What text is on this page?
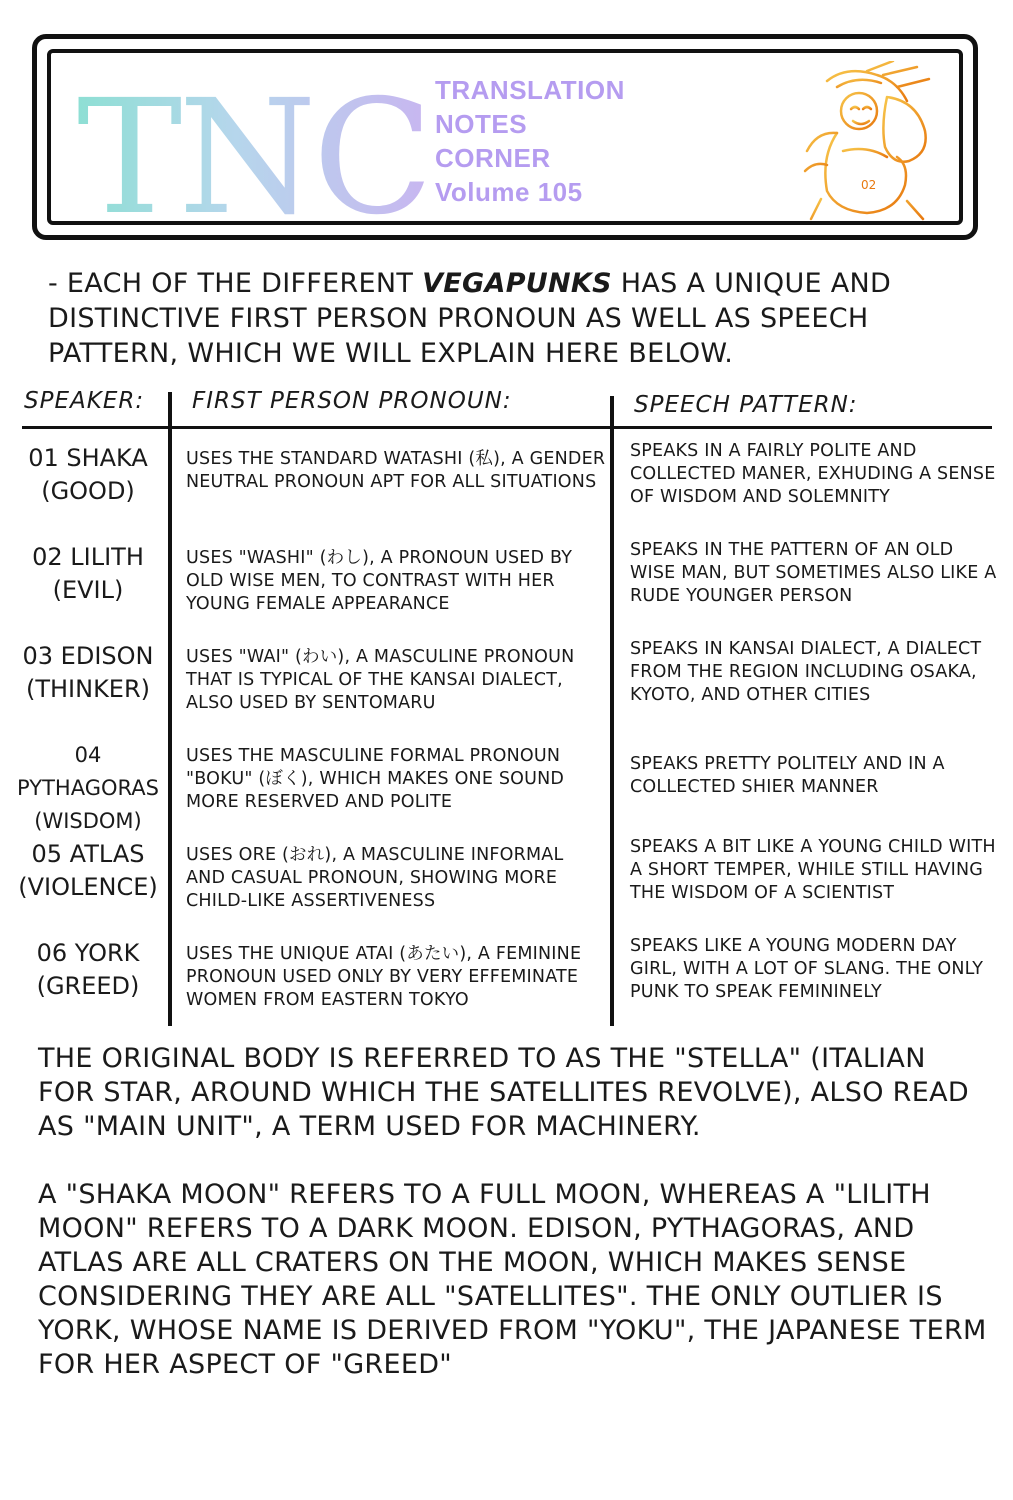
TNC TRANSLATION
NOTES
CORNER
Volume 105	02
- EACH OF THE DIFFERENT VEGAPUNKS HAS A UNIQUE AND DISTINCTIVE FIRST PERSON PRONOUN AS WELL AS SPEECH PATTERN, WHICH WE WILL EXPLAIN HERE BELOW.
SPEAKER: FIRST PERSON PRONOUN:	SPEECH PATTERN:
01 SHAKA
(GOOD)
USES THE STANDARD WATASHI (私), A GENDER NEUTRAL PRONOUN APT FOR ALL SITUATIONS
SPEAKS IN A FAIRLY POLITE AND COLLECTED MANER, EXHUDING A SENSE OF WISDOM AND SOLEMNITY
02 LILITH
(EVIL)
USES "WASHI" (わし), A PRONOUN USED BY OLD WISE MEN, TO CONTRAST WITH HER YOUNG FEMALE APPEARANCE
SPEAKS IN THE PATTERN OF AN OLD WISE MAN, BUT SOMETIMES ALSO LIKE A RUDE YOUNGER PERSON
03 EDISON
(THINKER)
USES "WAI" (わい), A MASCULINE PRONOUN THAT IS TYPICAL OF THE KANSAI DIALECT, ALSO USED BY SENTOMARU
SPEAKS IN KANSAI DIALECT, A DIALECT FROM THE REGION INCLUDING OSAKA, KYOTO, AND OTHER CITIES
04 PYTHAGORAS
(WISDOM)
USES THE MASCULINE FORMAL PRONOUN "BOKU" (ぼく), WHICH MAKES ONE SOUND MORE RESERVED AND POLITE
SPEAKS PRETTY POLITELY AND IN A COLLECTED SHIER MANNER
05 ATLAS
(VIOLENCE)
USES ORE (おれ), A MASCULINE INFORMAL AND CASUAL PRONOUN, SHOWING MORE CHILD-LIKE ASSERTIVENESS
SPEAKS A BIT LIKE A YOUNG CHILD WITH A SHORT TEMPER, WHILE STILL HAVING THE WISDOM OF A SCIENTIST
06 YORK
(GREED)
USES THE UNIQUE ATAI (あたい), A FEMININE PRONOUN USED ONLY BY VERY EFFEMINATE WOMEN FROM EASTERN TOKYO
SPEAKS LIKE A YOUNG MODERN DAY GIRL, WITH A LOT OF SLANG. THE ONLY PUNK TO SPEAK FEMININELY
THE ORIGINAL BODY IS REFERRED TO AS THE "STELLA" (ITALIAN FOR STAR, AROUND WHICH THE SATELLITES REVOLVE), ALSO READ AS "MAIN UNIT", A TERM USED FOR MACHINERY.
A "SHAKA MOON" REFERS TO A FULL MOON, WHEREAS A "LILITH MOON" REFERS TO A DARK MOON. EDISON, PYTHAGORAS, AND ATLAS ARE ALL CRATERS ON THE MOON, WHICH MAKES SENSE CONSIDERING THEY ARE ALL "SATELLITES". THE ONLY OUTLIER IS YORK, WHOSE NAME IS DERIVED FROM "YOKU", THE JAPANESE TERM FOR HER ASPECT OF "GREED"
